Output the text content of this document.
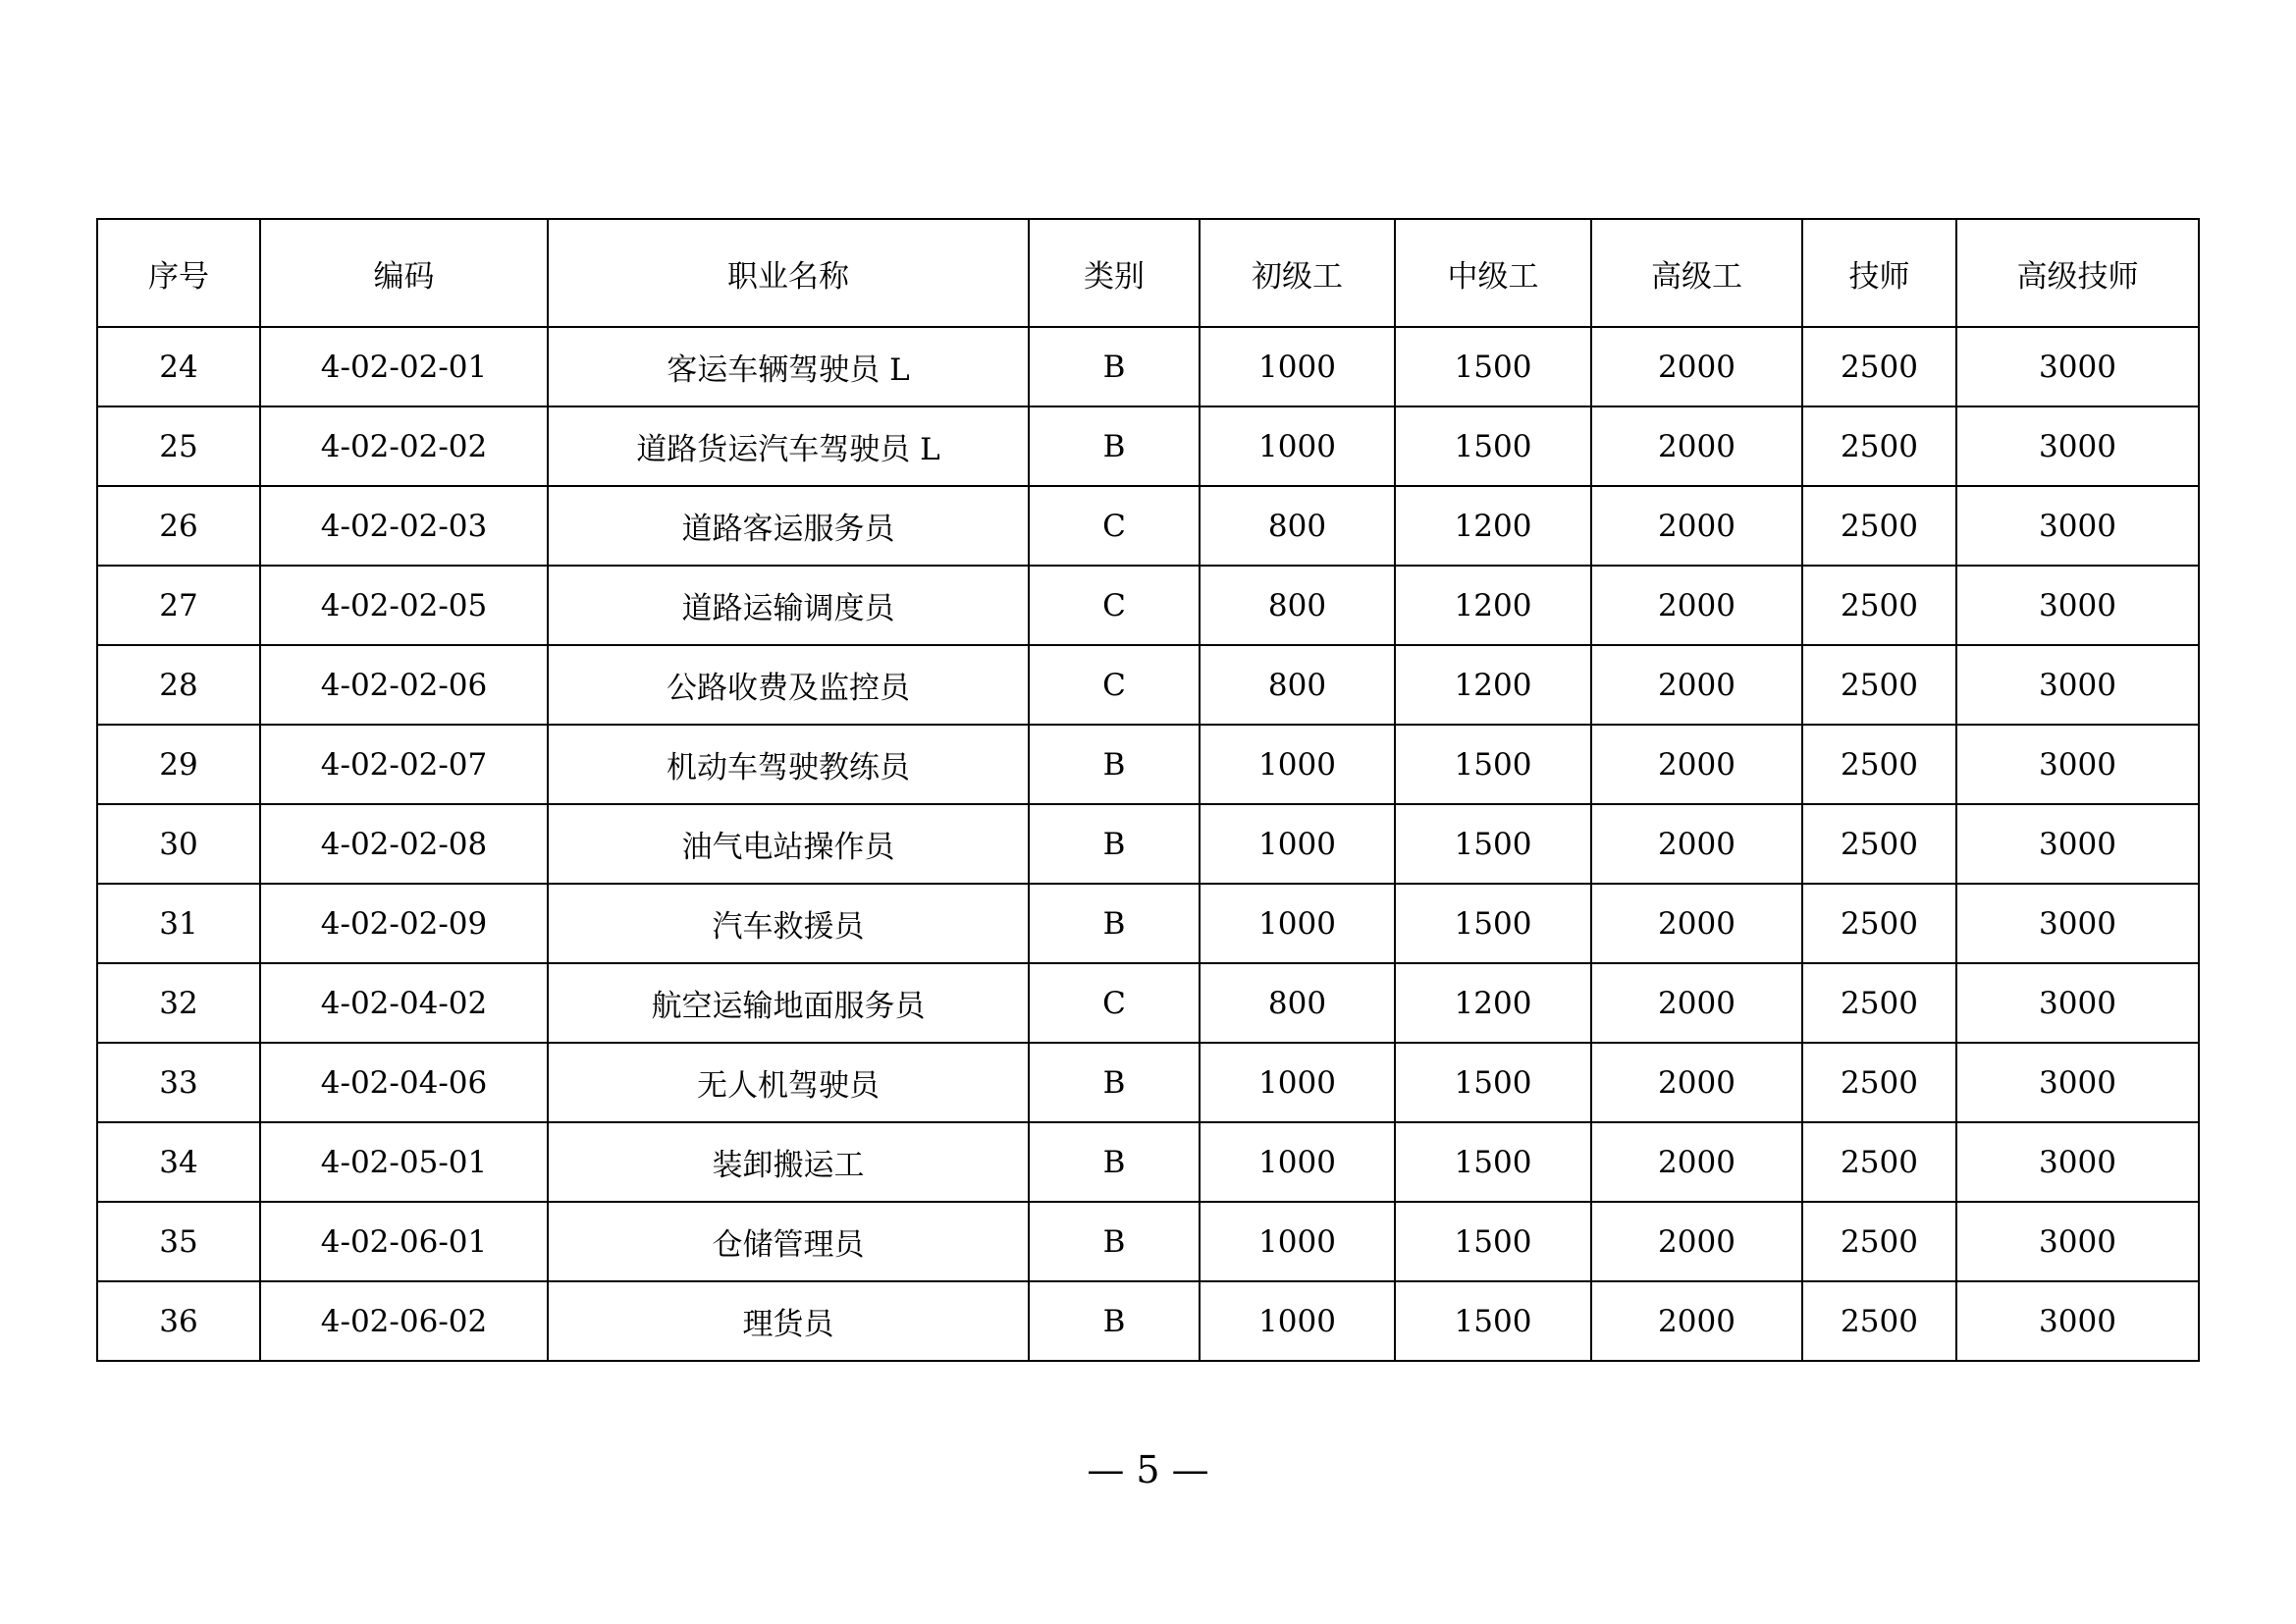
序号	编码	职业名称	类别	初级工	中级工	高级工	技师	高级技师
24	4-02-02-01	客运车辆驾驶员 L	B	1000	1500	2000	2500	3000
25	4-02-02-02	道路货运汽车驾驶员 L	B	1000	1500	2000	2500	3000
26	4-02-02-03	道路客运服务员	C	800	1200	2000	2500	3000
27	4-02-02-05	道路运输调度员	C	800	1200	2000	2500	3000
28	4-02-02-06	公路收费及监控员	C	800	1200	2000	2500	3000
29	4-02-02-07	机动车驾驶教练员	B	1000	1500	2000	2500	3000
30	4-02-02-08	油气电站操作员	B	1000	1500	2000	2500	3000
31	4-02-02-09	汽车救援员	B	1000	1500	2000	2500	3000
32	4-02-04-02	航空运输地面服务员	C	800	1200	2000	2500	3000
33	4-02-04-06	无人机驾驶员	B	1000	1500	2000	2500	3000
34	4-02-05-01	装卸搬运工	B	1000	1500	2000	2500	3000
35	4-02-06-01	仓储管理员	B	1000	1500	2000	2500	3000
36	4-02-06-02	理货员	B	1000	1500	2000	2500	3000
— 5 —
